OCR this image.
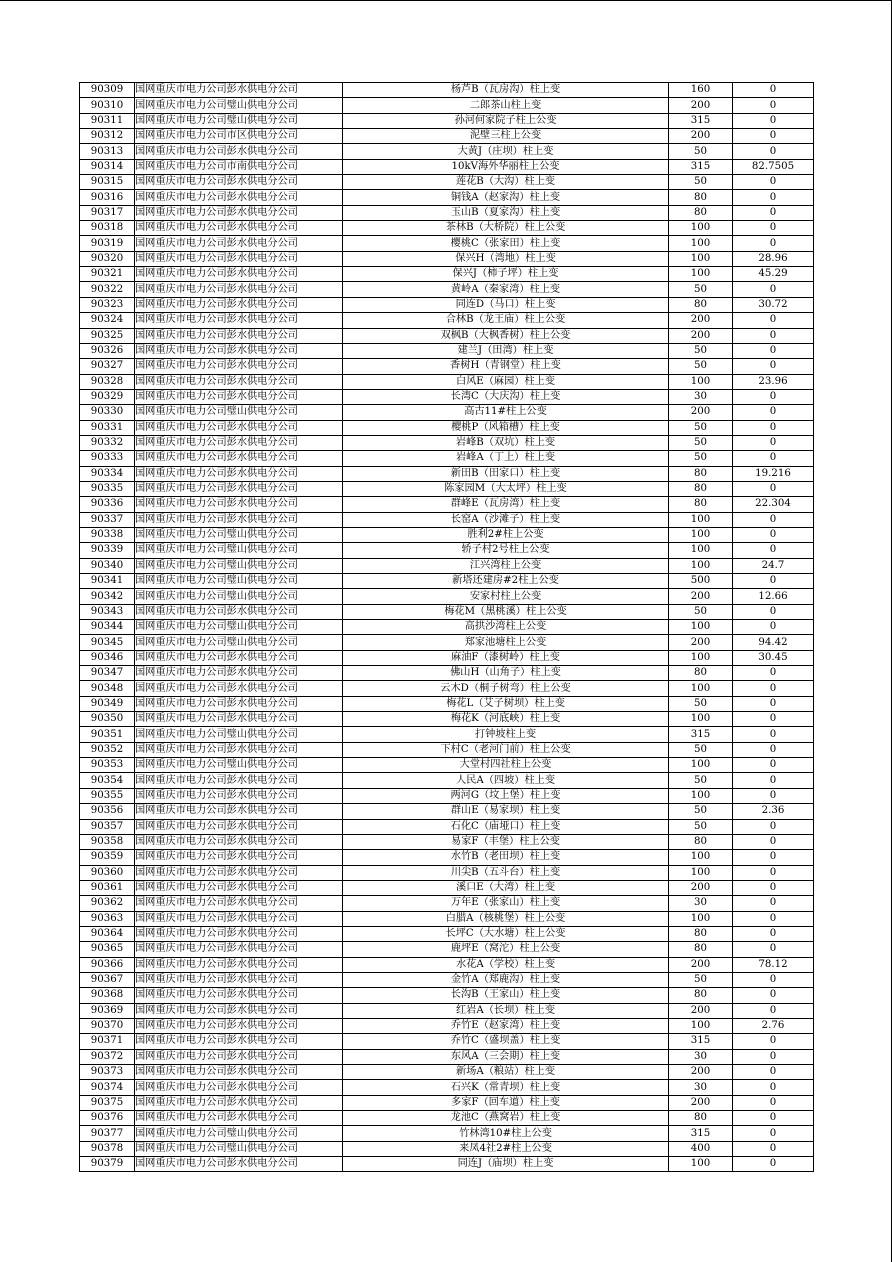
90309	国网重庆市电力公司彭水供电分公司	杨芦B（瓦房沟）柱上变	160	0
90310	国网重庆市电力公司璧山供电分公司	二郎茶山柱上变	200	0
90311	国网重庆市电力公司璧山供电分公司	孙河何家院子柱上公变	315	0
90312	国网重庆市电力公司市区供电分公司	泥壁三柱上公变	200	0
90313	国网重庆市电力公司彭水供电分公司	大黄J（庄坝）柱上变	50	0
90314	国网重庆市电力公司市南供电分公司	10kV海外华丽柱上公变	315	82.7505
90315	国网重庆市电力公司彭水供电分公司	莲花B（大沟）柱上变	50	0
90316	国网重庆市电力公司彭水供电分公司	铜钱A（赵家沟）柱上变	80	0
90317	国网重庆市电力公司彭水供电分公司	玉山B（夏家沟）柱上变	80	0
90318	国网重庆市电力公司彭水供电分公司	茶林B（大桥院）柱上公变	100	0
90319	国网重庆市电力公司彭水供电分公司	樱桃C（张家田）柱上变	100	0
90320	国网重庆市电力公司彭水供电分公司	保兴H（湾地）柱上变	100	28.96
90321	国网重庆市电力公司彭水供电分公司	保兴J（柿子坪）柱上变	100	45.29
90322	国网重庆市电力公司彭水供电分公司	黄岭A（秦家湾）柱上变	50	0
90323	国网重庆市电力公司彭水供电分公司	同连D（马口）柱上变	80	30.72
90324	国网重庆市电力公司彭水供电分公司	合林B（龙王庙）柱上公变	200	0
90325	国网重庆市电力公司彭水供电分公司	双枫B（大枫香树）柱上公变	200	0
90326	国网重庆市电力公司彭水供电分公司	建兰J（田湾）柱上变	50	0
90327	国网重庆市电力公司彭水供电分公司	香树H（青钢堂）柱上变	50	0
90328	国网重庆市电力公司彭水供电分公司	白风E（麻园）柱上变	100	23.96
90329	国网重庆市电力公司彭水供电分公司	长湾C（大庆沟）柱上变	30	0
90330	国网重庆市电力公司璧山供电分公司	高古11#柱上公变	200	0
90331	国网重庆市电力公司彭水供电分公司	樱桃P（风箱槽）柱上变	50	0
90332	国网重庆市电力公司彭水供电分公司	岩峰B（双坑）柱上变	50	0
90333	国网重庆市电力公司彭水供电分公司	岩峰A（丁上）柱上变	50	0
90334	国网重庆市电力公司彭水供电分公司	新田B（田家口）柱上变	80	19.216
90335	国网重庆市电力公司彭水供电分公司	陈家园M（大太坪）柱上变	80	0
90336	国网重庆市电力公司彭水供电分公司	群峰E（瓦房湾）柱上变	80	22.304
90337	国网重庆市电力公司彭水供电分公司	长窑A（沙滩子）柱上变	100	0
90338	国网重庆市电力公司璧山供电分公司	胜利2#柱上公变	100	0
90339	国网重庆市电力公司璧山供电分公司	轿子村2号柱上公变	100	0
90340	国网重庆市电力公司璧山供电分公司	江兴湾柱上公变	100	24.7
90341	国网重庆市电力公司璧山供电分公司	新塔还建房#2柱上公变	500	0
90342	国网重庆市电力公司璧山供电分公司	安家村柱上公变	200	12.66
90343	国网重庆市电力公司彭水供电分公司	梅花M（黑桃溪）柱上公变	50	0
90344	国网重庆市电力公司璧山供电分公司	高拱沙湾柱上公变	100	0
90345	国网重庆市电力公司璧山供电分公司	郑家池塘柱上公变	200	94.42
90346	国网重庆市电力公司彭水供电分公司	麻油F（漆树岭）柱上变	100	30.45
90347	国网重庆市电力公司彭水供电分公司	佛山H（山角子）柱上变	80	0
90348	国网重庆市电力公司彭水供电分公司	云木D（桐子树弯）柱上公变	100	0
90349	国网重庆市电力公司彭水供电分公司	梅花L（艾子树坝）柱上变	50	0
90350	国网重庆市电力公司彭水供电分公司	梅花K（河底峡）柱上变	100	0
90351	国网重庆市电力公司璧山供电分公司	打钟坡柱上变	315	0
90352	国网重庆市电力公司彭水供电分公司	下村C（老河门前）柱上公变	50	0
90353	国网重庆市电力公司璧山供电分公司	大堂村四社柱上公变	100	0
90354	国网重庆市电力公司彭水供电分公司	人民A（四坡）柱上变	50	0
90355	国网重庆市电力公司彭水供电分公司	两河G（坟上堡）柱上变	100	0
90356	国网重庆市电力公司彭水供电分公司	群山E（易家坝）柱上变	50	2.36
90357	国网重庆市电力公司彭水供电分公司	石化C（庙垭口）柱上变	50	0
90358	国网重庆市电力公司彭水供电分公司	易家F（丰堡）柱上公变	80	0
90359	国网重庆市电力公司彭水供电分公司	水竹B（老田坝）柱上变	100	0
90360	国网重庆市电力公司彭水供电分公司	川尖B（五斗台）柱上变	100	0
90361	国网重庆市电力公司彭水供电分公司	溪口E（大湾）柱上变	200	0
90362	国网重庆市电力公司彭水供电分公司	万年E（张家山）柱上变	30	0
90363	国网重庆市电力公司彭水供电分公司	白腊A（核桃堡）柱上公变	100	0
90364	国网重庆市电力公司彭水供电分公司	长坪C（大水塘）柱上公变	80	0
90365	国网重庆市电力公司彭水供电分公司	鹿坪E（窝沱）柱上公变	80	0
90366	国网重庆市电力公司彭水供电分公司	水花A（学校）柱上变	200	78.12
90367	国网重庆市电力公司彭水供电分公司	金竹A（郑鹿沟）柱上变	50	0
90368	国网重庆市电力公司彭水供电分公司	长沟B（王家山）柱上变	80	0
90369	国网重庆市电力公司彭水供电分公司	红岩A（长坝）柱上变	200	0
90370	国网重庆市电力公司彭水供电分公司	乔竹E（赵家湾）柱上变	100	2.76
90371	国网重庆市电力公司彭水供电分公司	乔竹C（盛坝盖）柱上变	315	0
90372	国网重庆市电力公司彭水供电分公司	东风A（三会期）柱上变	30	0
90373	国网重庆市电力公司彭水供电分公司	新场A（粮站）柱上变	200	0
90374	国网重庆市电力公司彭水供电分公司	石兴K（常青坝）柱上变	30	0
90375	国网重庆市电力公司彭水供电分公司	多家F（回车道）柱上变	200	0
90376	国网重庆市电力公司彭水供电分公司	龙池C（燕窝岩）柱上变	80	0
90377	国网重庆市电力公司璧山供电分公司	竹林湾10#柱上公变	315	0
90378	国网重庆市电力公司璧山供电分公司	来凤4社2#柱上公变	400	0
90379	国网重庆市电力公司彭水供电分公司	同连J（庙坝）柱上变	100	0
